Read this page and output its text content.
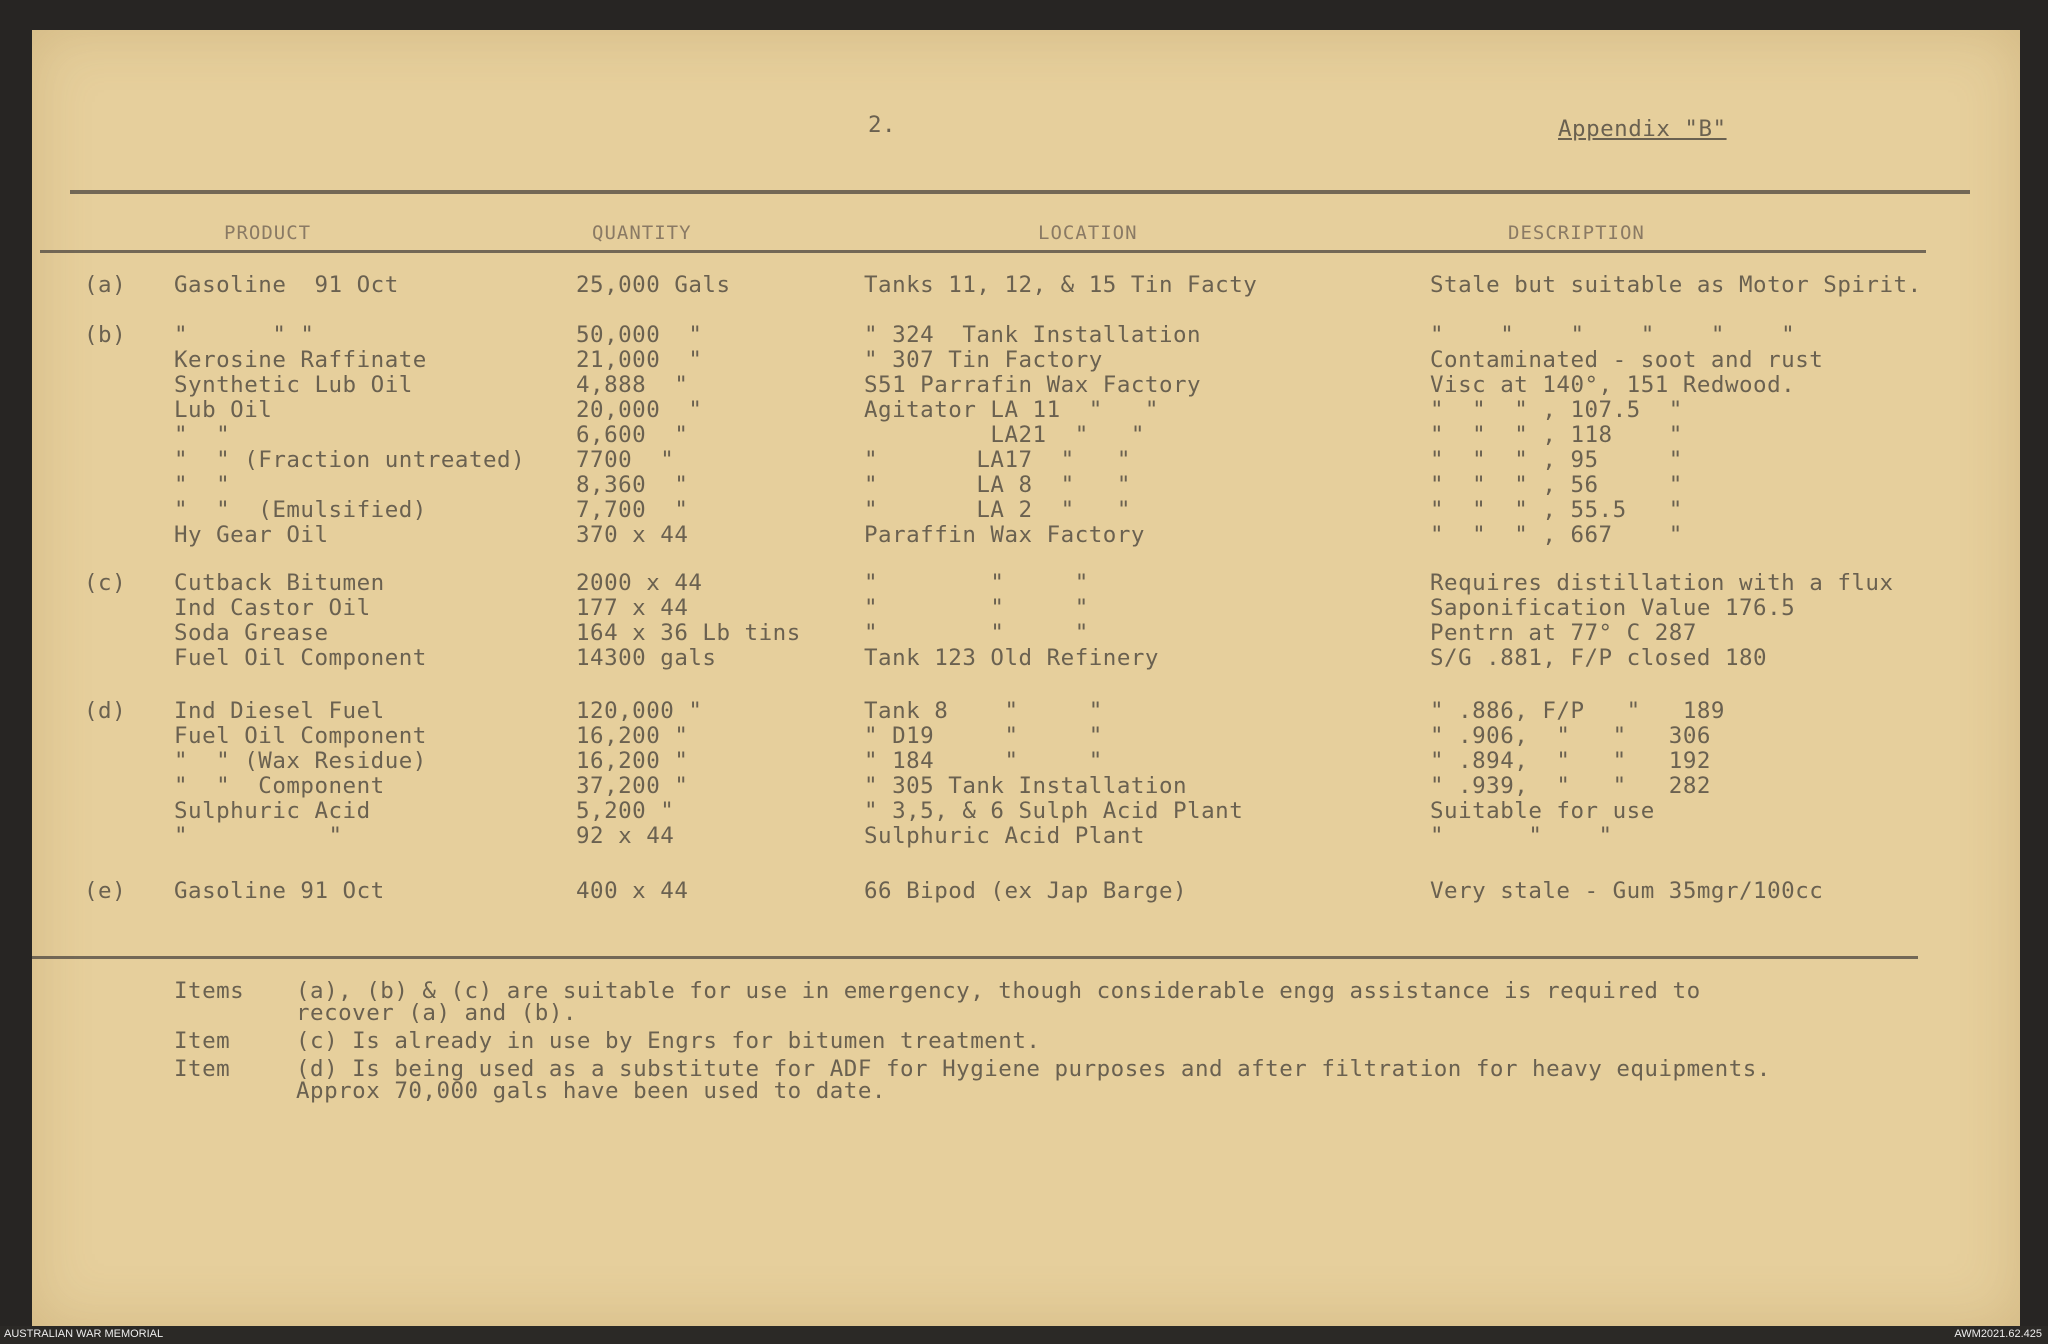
2.	Appendix "B"
PRODUCT	QUANTITY	LOCATION	DESCRIPTION
(a) Gasoline  91 Oct	25,000 Gals	Tanks 11, 12, & 15 Tin Facty	Stale but suitable as Motor Spirit.
(b) "      " "	50,000  "	" 324  Tank Installation	"    "    "    "    "    "
Kerosine Raffinate	21,000  "	" 307 Tin Factory	Contaminated - soot and rust
Synthetic Lub Oil	4,888  "	S51 Parrafin Wax Factory	Visc at 140°, 151 Redwood.
Lub Oil	20,000  "	Agitator LA 11  "   "	"  "  " , 107.5  "
"  "	6,600  "	LA21  "   "	"  "  " , 118    "
"  " (Fraction untreated) 7700  "	"       LA17  "   "	"  "  " , 95     "
"  "	8,360  "	"       LA 8  "   "	"  "  " , 56     "
"  "  (Emulsified)	7,700  "	"       LA 2  "   "	"  "  " , 55.5   "
Hy Gear Oil	370 x 44	Paraffin Wax Factory	"  "  " , 667    "
(c) Cutback Bitumen	2000 x 44	"        "     "	Requires distillation with a flux
Ind Castor Oil	177 x 44	"        "     "	Saponification Value 176.5
Soda Grease	164 x 36 Lb tins	"        "     "	Pentrn at 77° C 287
Fuel Oil Component	14300 gals	Tank 123 Old Refinery	S/G .881, F/P closed 180
(d) Ind Diesel Fuel	120,000 "	Tank 8    "     "	" .886, F/P   "   189
Fuel Oil Component	16,200 "	" D19     "     "	" .906,  "   "   306
"  " (Wax Residue)	16,200 "	" 184     "     "	" .894,  "   "   192
"  "  Component	37,200 "	" 305 Tank Installation	" .939,  "   "   282
Sulphuric Acid	5,200 "	" 3,5, & 6 Sulph Acid Plant	Suitable for use
"          "	92 x 44	Sulphuric Acid Plant	"      "    "
(e) Gasoline 91 Oct	400 x 44	66 Bipod (ex Jap Barge)	Very stale - Gum 35mgr/100cc
Items (a), (b) & (c) are suitable for use in emergency, though considerable engg assistance is required to
recover (a) and (b).
Item	(c) Is already in use by Engrs for bitumen treatment.
Item	(d) Is being used as a substitute for ADF for Hygiene purposes and after filtration for heavy equipments.
Approx 70,000 gals have been used to date.
AUSTRALIAN WAR MEMORIAL	AWM2021.62.425
